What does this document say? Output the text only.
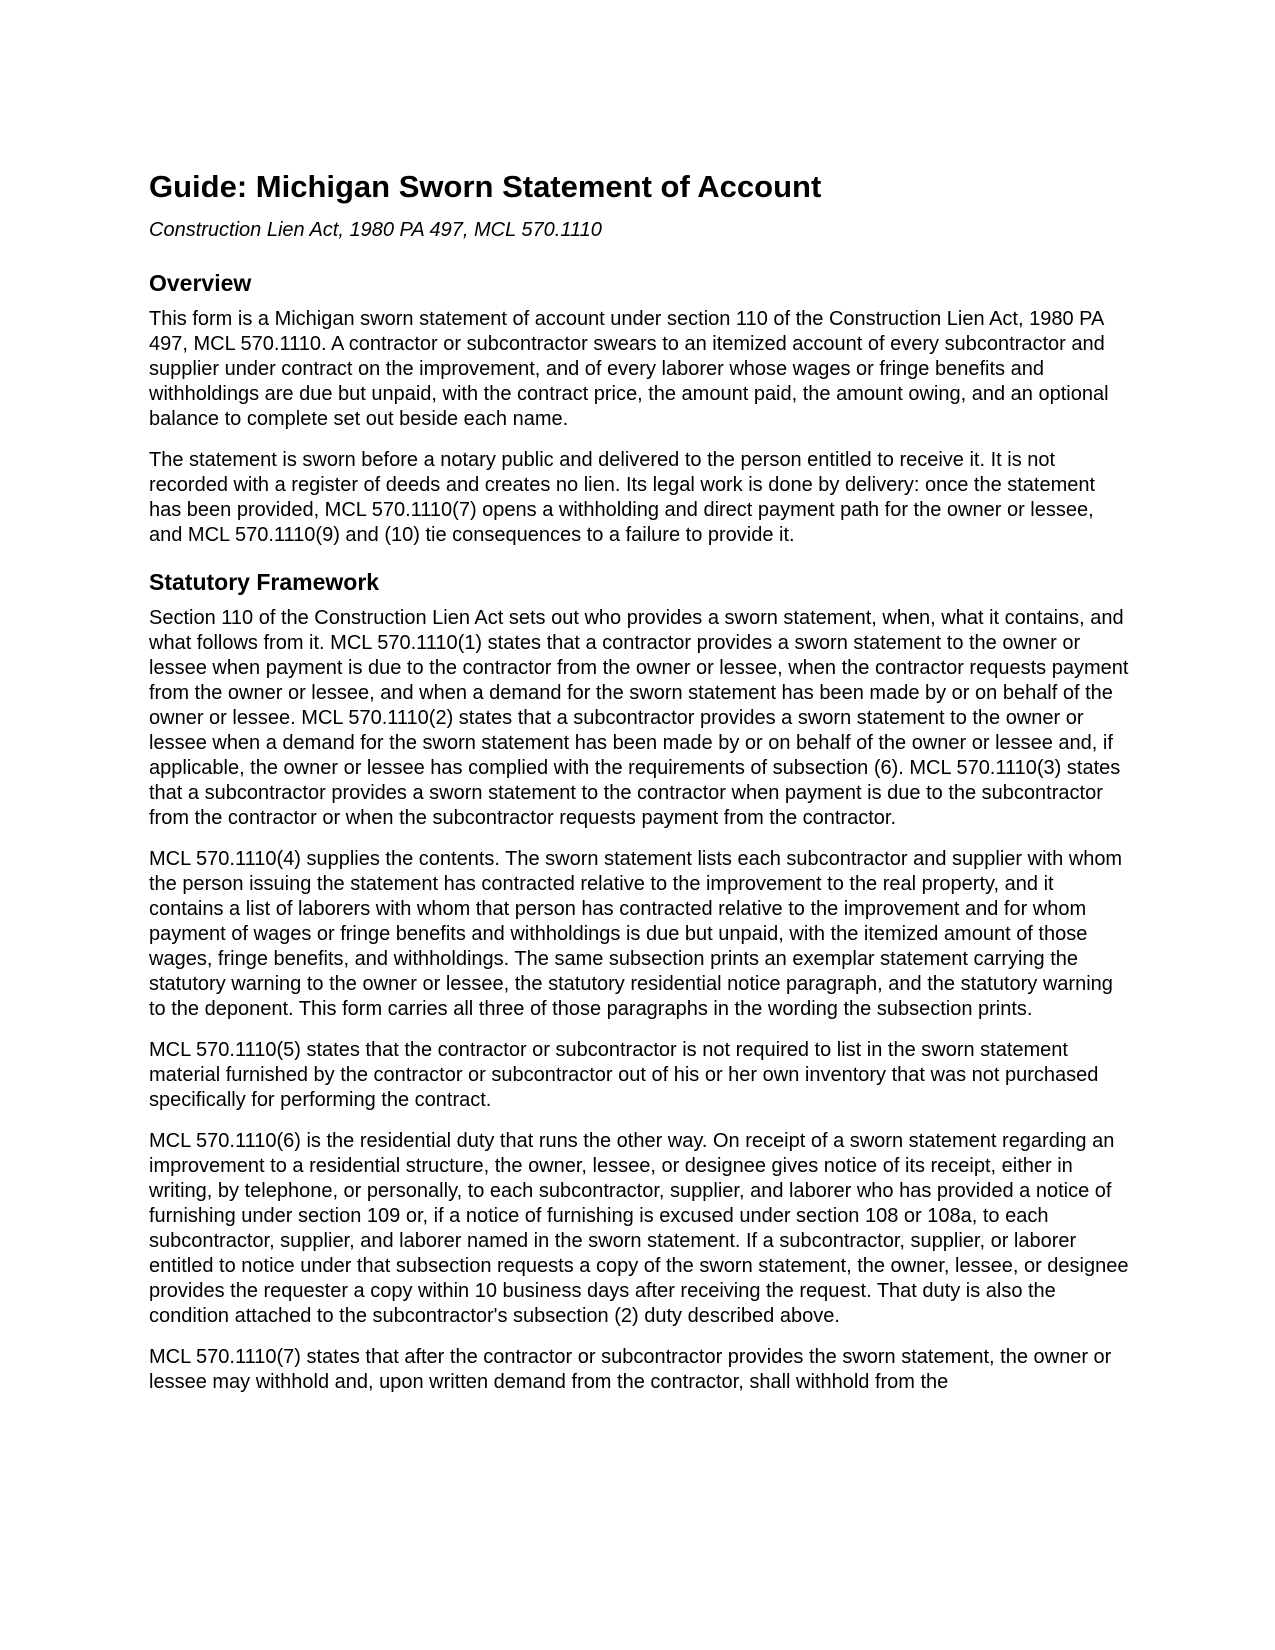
Guide: Michigan Sworn Statement of Account

Construction Lien Act, 1980 PA 497, MCL 570.1110

Overview

This form is a Michigan sworn statement of account under section 110 of the Construction Lien Act, 1980 PA 497, MCL 570.1110. A contractor or subcontractor swears to an itemized account of every subcontractor and supplier under contract on the improvement, and of every laborer whose wages or fringe benefits and withholdings are due but unpaid, with the contract price, the amount paid, the amount owing, and an optional balance to complete set out beside each name.

The statement is sworn before a notary public and delivered to the person entitled to receive it. It is not recorded with a register of deeds and creates no lien. Its legal work is done by delivery: once the statement has been provided, MCL 570.1110(7) opens a withholding and direct payment path for the owner or lessee, and MCL 570.1110(9) and (10) tie consequences to a failure to provide it.

Statutory Framework

Section 110 of the Construction Lien Act sets out who provides a sworn statement, when, what it contains, and what follows from it. MCL 570.1110(1) states that a contractor provides a sworn statement to the owner or lessee when payment is due to the contractor from the owner or lessee, when the contractor requests payment from the owner or lessee, and when a demand for the sworn statement has been made by or on behalf of the owner or lessee. MCL 570.1110(2) states that a subcontractor provides a sworn statement to the owner or lessee when a demand for the sworn statement has been made by or on behalf of the owner or lessee and, if applicable, the owner or lessee has complied with the requirements of subsection (6). MCL 570.1110(3) states that a subcontractor provides a sworn statement to the contractor when payment is due to the subcontractor from the contractor or when the subcontractor requests payment from the contractor.

MCL 570.1110(4) supplies the contents. The sworn statement lists each subcontractor and supplier with whom the person issuing the statement has contracted relative to the improvement to the real property, and it contains a list of laborers with whom that person has contracted relative to the improvement and for whom payment of wages or fringe benefits and withholdings is due but unpaid, with the itemized amount of those wages, fringe benefits, and withholdings. The same subsection prints an exemplar statement carrying the statutory warning to the owner or lessee, the statutory residential notice paragraph, and the statutory warning to the deponent. This form carries all three of those paragraphs in the wording the subsection prints.

MCL 570.1110(5) states that the contractor or subcontractor is not required to list in the sworn statement material furnished by the contractor or subcontractor out of his or her own inventory that was not purchased specifically for performing the contract.

MCL 570.1110(6) is the residential duty that runs the other way. On receipt of a sworn statement regarding an improvement to a residential structure, the owner, lessee, or designee gives notice of its receipt, either in writing, by telephone, or personally, to each subcontractor, supplier, and laborer who has provided a notice of furnishing under section 109 or, if a notice of furnishing is excused under section 108 or 108a, to each subcontractor, supplier, and laborer named in the sworn statement. If a subcontractor, supplier, or laborer entitled to notice under that subsection requests a copy of the sworn statement, the owner, lessee, or designee provides the requester a copy within 10 business days after receiving the request. That duty is also the condition attached to the subcontractor's subsection (2) duty described above.

MCL 570.1110(7) states that after the contractor or subcontractor provides the sworn statement, the owner or lessee may withhold and, upon written demand from the contractor, shall withhold from the
